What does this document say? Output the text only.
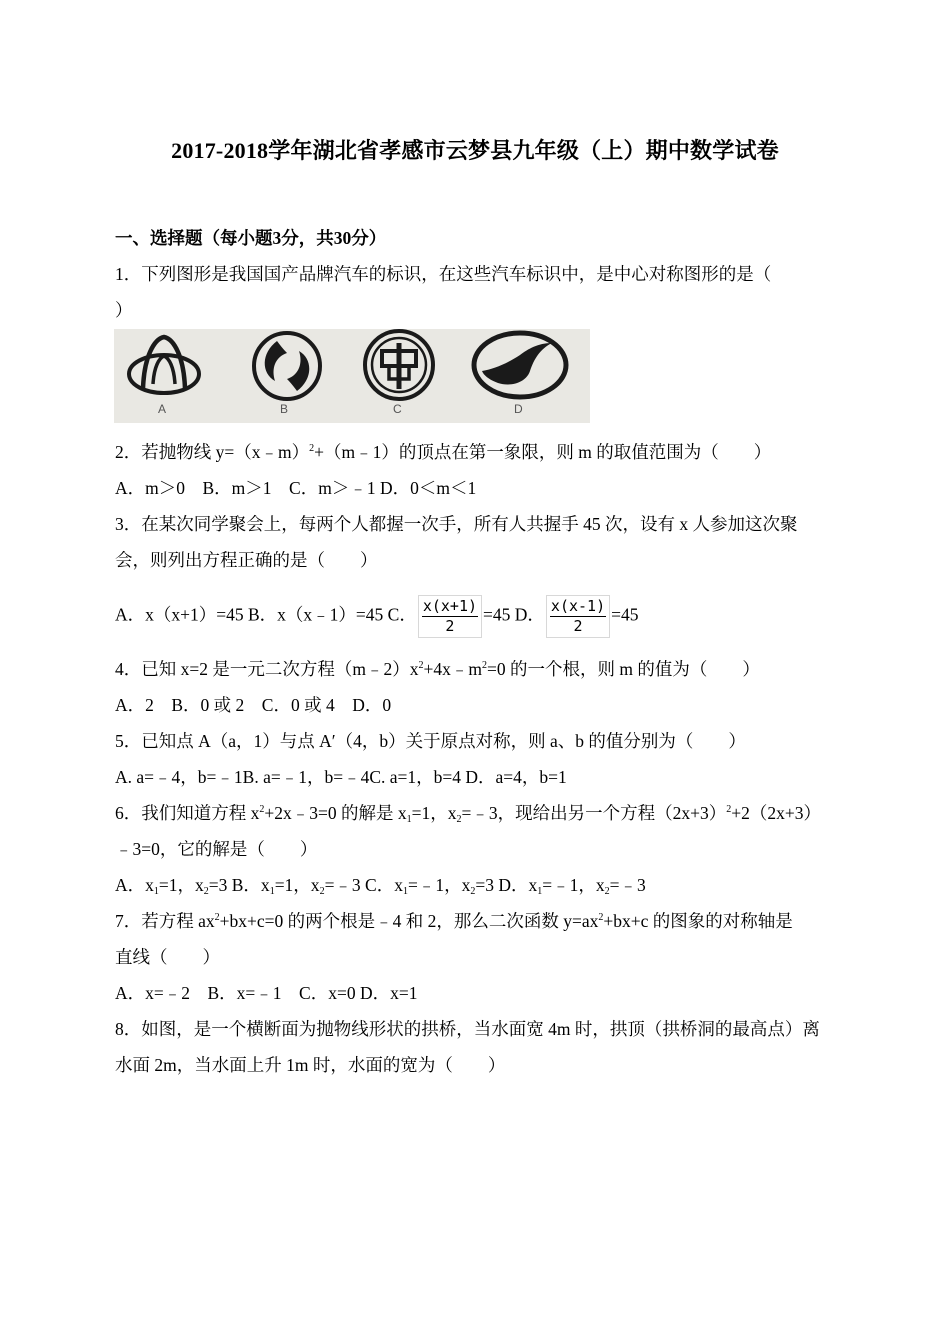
2017-2018学年湖北省孝感市云梦县九年级（上）期中数学试卷
一、选择题（每小题3分，共30分）
1．下列图形是我国国产品牌汽车的标识，在这些汽车标识中，是中心对称图形的是（
）
A	B	C	D
2．若抛物线 y=（x﹣m）$^2$+（m﹣1）的顶点在第一象限，则 m 的取值范围为（　　）
A．m＞0　B．m＞1　C．m＞﹣1 D．0＜m＜1
3．在某次同学聚会上，每两个人都握一次手，所有人共握手 45 次，设有 x 人参加这次聚
会，则列出方程正确的是（　　）
A．x（x+1）=45 B．x（x﹣1）=45 C． $\frac{x(x+1)}{2} =45$ D． $\frac{x(x-1)}{2} =45$
4．已知 x=2 是一元二次方程$(m﹣2)x^2+4x﹣m^2=0$ 的一个根，则 m 的值为（　　）
A．2　B．0 或 2　C．0 或 4　D．0
5．已知点 A（a，1）与点 A′（4，b）关于原点对称，则 a、b 的值分别为（　　）
A. a=﹣4，b=﹣1B. a=﹣1，b=﹣4C. a=1，b=4 D．a=4，b=1
6．我们知道方程 $x^2+2x﹣3=0$ 的解是 $x_1=1$，$x_2=﹣3$，现给出另一个方程$(2x+3)^2+2(2x+3)$
﹣3=0，它的解是（　　）
A．$x_1=1$，$x_2=3$ B．$x_1=1$，$x_2=﹣3$ C．$x_1=﹣1$，$x_2=3$ D．$x_1=﹣1$，$x_2=﹣3$
7．若方程 $ax^2+bx+c=0$ 的两个根是﹣4 和 2，那么二次函数 $y=ax^2+bx+c$ 的图象的对称轴是
直线（　　）
A．x=﹣2　B．x=﹣1　C．x=0 D．x=1
8．如图，是一个横断面为抛物线形状的拱桥，当水面宽 4m 时，拱顶（拱桥洞的最高点）离
水面 2m，当水面上升 1m 时，水面的宽为（　　）
